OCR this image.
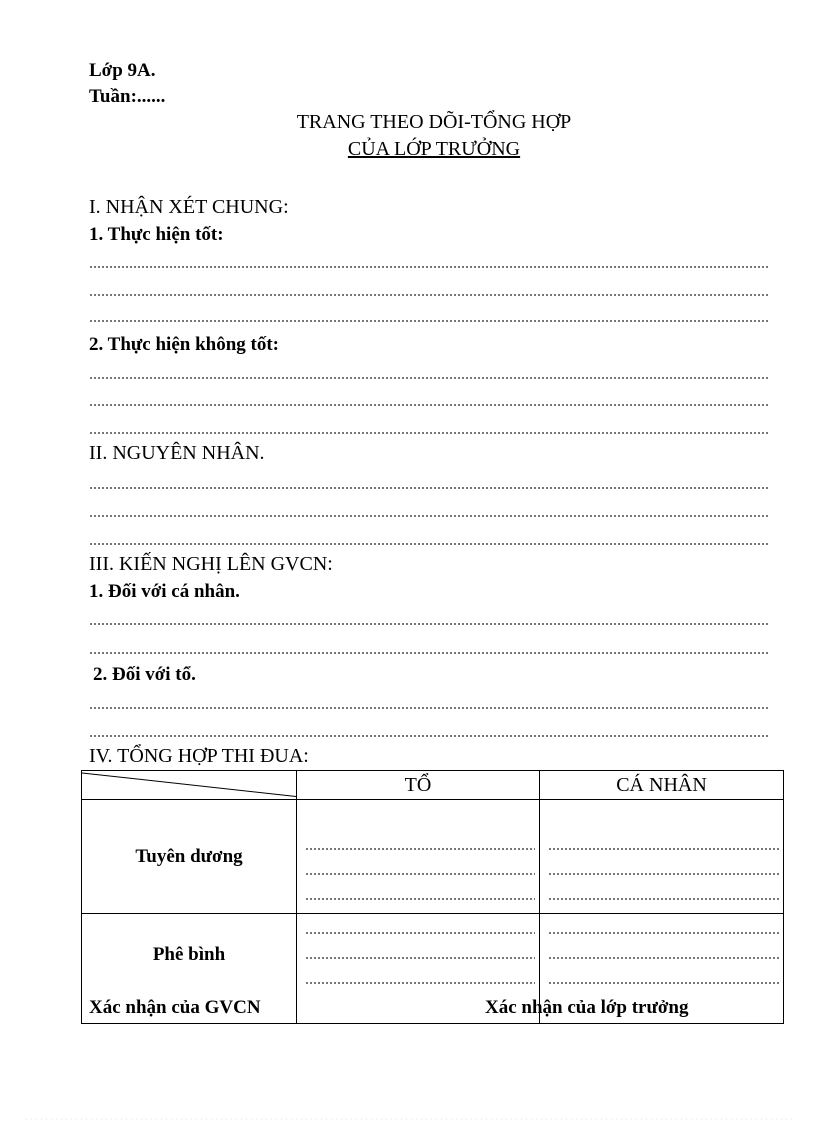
Lớp 9A.
Tuần:......
TRANG THEO DÕI-TỔNG HỢP
CỦA LỚP TRƯỞNG
I. NHẬN XÉT CHUNG:
1. Thực hiện tốt:
2. Thực hiện không tốt:
II. NGUYÊN NHÂN.
III. KIẾN NGHỊ LÊN GVCN:
1. Đối với cá nhân.
2. Đối với tổ.
IV. TỔNG HỢP THI ĐUA:
	TỔ	CÁ NHÂN
Tuyên dương	

Phê bình	

Xác nhận của GVCN	Xác nhận của lớp trưởng
